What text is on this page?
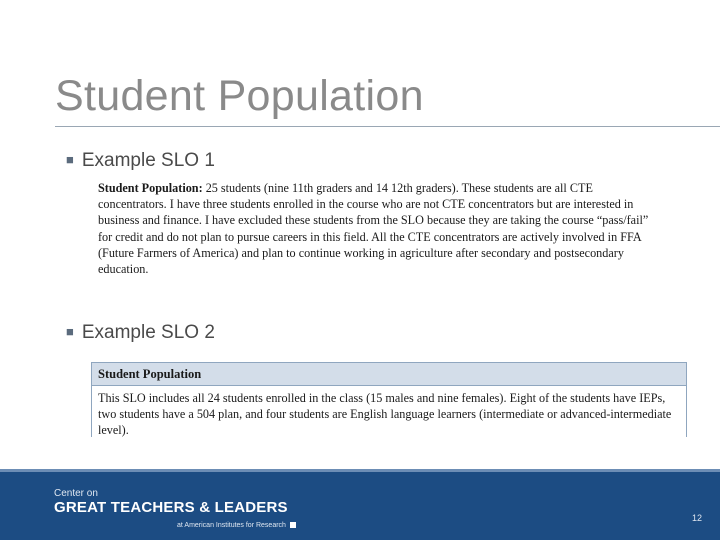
Student Population
■ Example SLO 1
Student Population: 25 students (nine 11th graders and 14 12th graders). These students are all CTE concentrators. I have three students enrolled in the course who are not CTE concentrators but are interested in business and finance. I have excluded these students from the SLO because they are taking the course “pass/fail” for credit and do not plan to pursue careers in this field. All the CTE concentrators are actively involved in FFA (Future Farmers of America) and plan to continue working in agriculture after secondary and postsecondary education.
■ Example SLO 2
Student Population
This SLO includes all 24 students enrolled in the class (15 males and nine females). Eight of the students have IEPs, two students have a 504 plan, and four students are English language learners (intermediate or advanced-intermediate level).
Center on
GREAT TEACHERS & LEADERS
at American Institutes for Research
12
